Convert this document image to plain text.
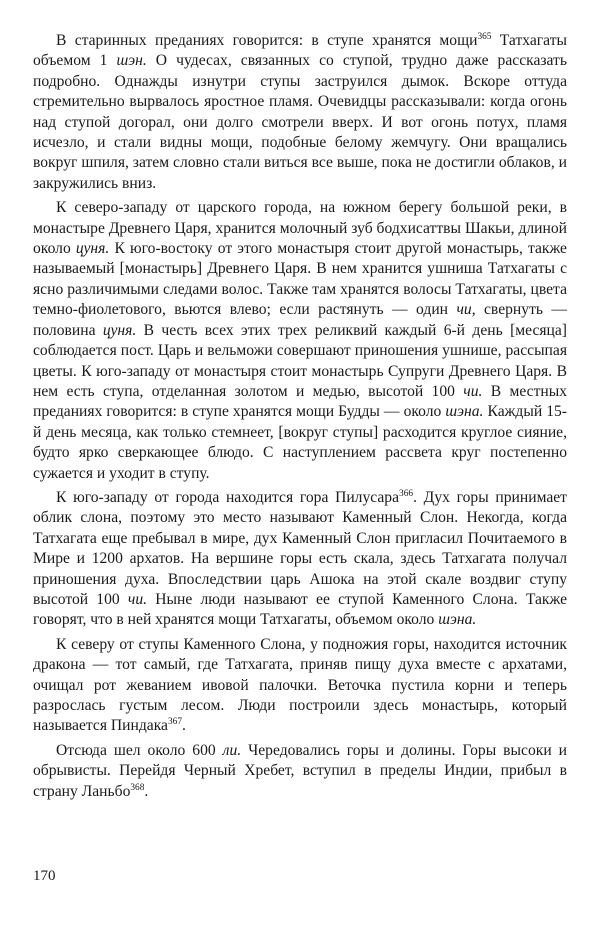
В старинных преданиях говорится: в ступе хранятся мощи$^{365}$ Татхагаты объемом 1 шэн. О чудесах, связанных со ступой, трудно даже рассказать подробно. Однажды изнутри ступы заструился дымок. Вскоре оттуда стремительно вырвалось яростное пламя. Очевидцы рассказывали: когда огонь над ступой догорал, они долго смотрели вверх. И вот огонь потух, пламя исчезло, и стали видны мощи, подобные белому жемчугу. Они вращались вокруг шпиля, затем словно стали виться все выше, пока не достигли облаков, и закружились вниз.

К северо-западу от царского города, на южном берегу большой реки, в монастыре Древнего Царя, хранится молочный зуб бодхисаттвы Шакьи, длиной около цуня. К юго-востоку от этого монастыря стоит другой монастырь, также называемый [монастырь] Древнего Царя. В нем хранится ушниша Татхагаты с ясно различимыми следами волос. Также там хранятся волосы Татхагаты, цвета темно-фиолетового, вьются влево; если растянуть — один чи, свернуть — половина цуня. В честь всех этих трех реликвий каждый 6-й день [месяца] соблюдается пост. Царь и вельможи совершают приношения ушнише, рассыпая цветы. К юго-западу от монастыря стоит монастырь Супруги Древнего Царя. В нем есть ступа, отделанная золотом и медью, высотой 100 чи. В местных преданиях говорится: в ступе хранятся мощи Будды — около шэна. Каждый 15-й день месяца, как только стемнеет, [вокруг ступы] расходится круглое сияние, будто ярко сверкающее блюдо. С наступлением рассвета круг постепенно сужается и уходит в ступу.

К юго-западу от города находится гора Пилусара$^{366}$. Дух горы принимает облик слона, поэтому это место называют Каменный Слон. Некогда, когда Татхагата еще пребывал в мире, дух Каменный Слон пригласил Почитаемого в Мире и 1200 архатов. На вершине горы есть скала, здесь Татхагата получал приношения духа. Впоследствии царь Ашока на этой скале воздвиг ступу высотой 100 чи. Ныне люди называют ее ступой Каменного Слона. Также говорят, что в ней хранятся мощи Татхагаты, объемом около шэна.

К северу от ступы Каменного Слона, у подножия горы, находится источник дракона — тот самый, где Татхагата, приняв пищу духа вместе с архатами, очищал рот жеванием ивовой палочки. Веточка пустила корни и теперь разрослась густым лесом. Люди построили здесь монастырь, который называется Пиндака$^{367}$.

Отсюда шел около 600 ли. Чередовались горы и долины. Горы высоки и обрывисты. Перейдя Черный Хребет, вступил в пределы Индии, прибыл в страну Ланьбо$^{368}$.

170
